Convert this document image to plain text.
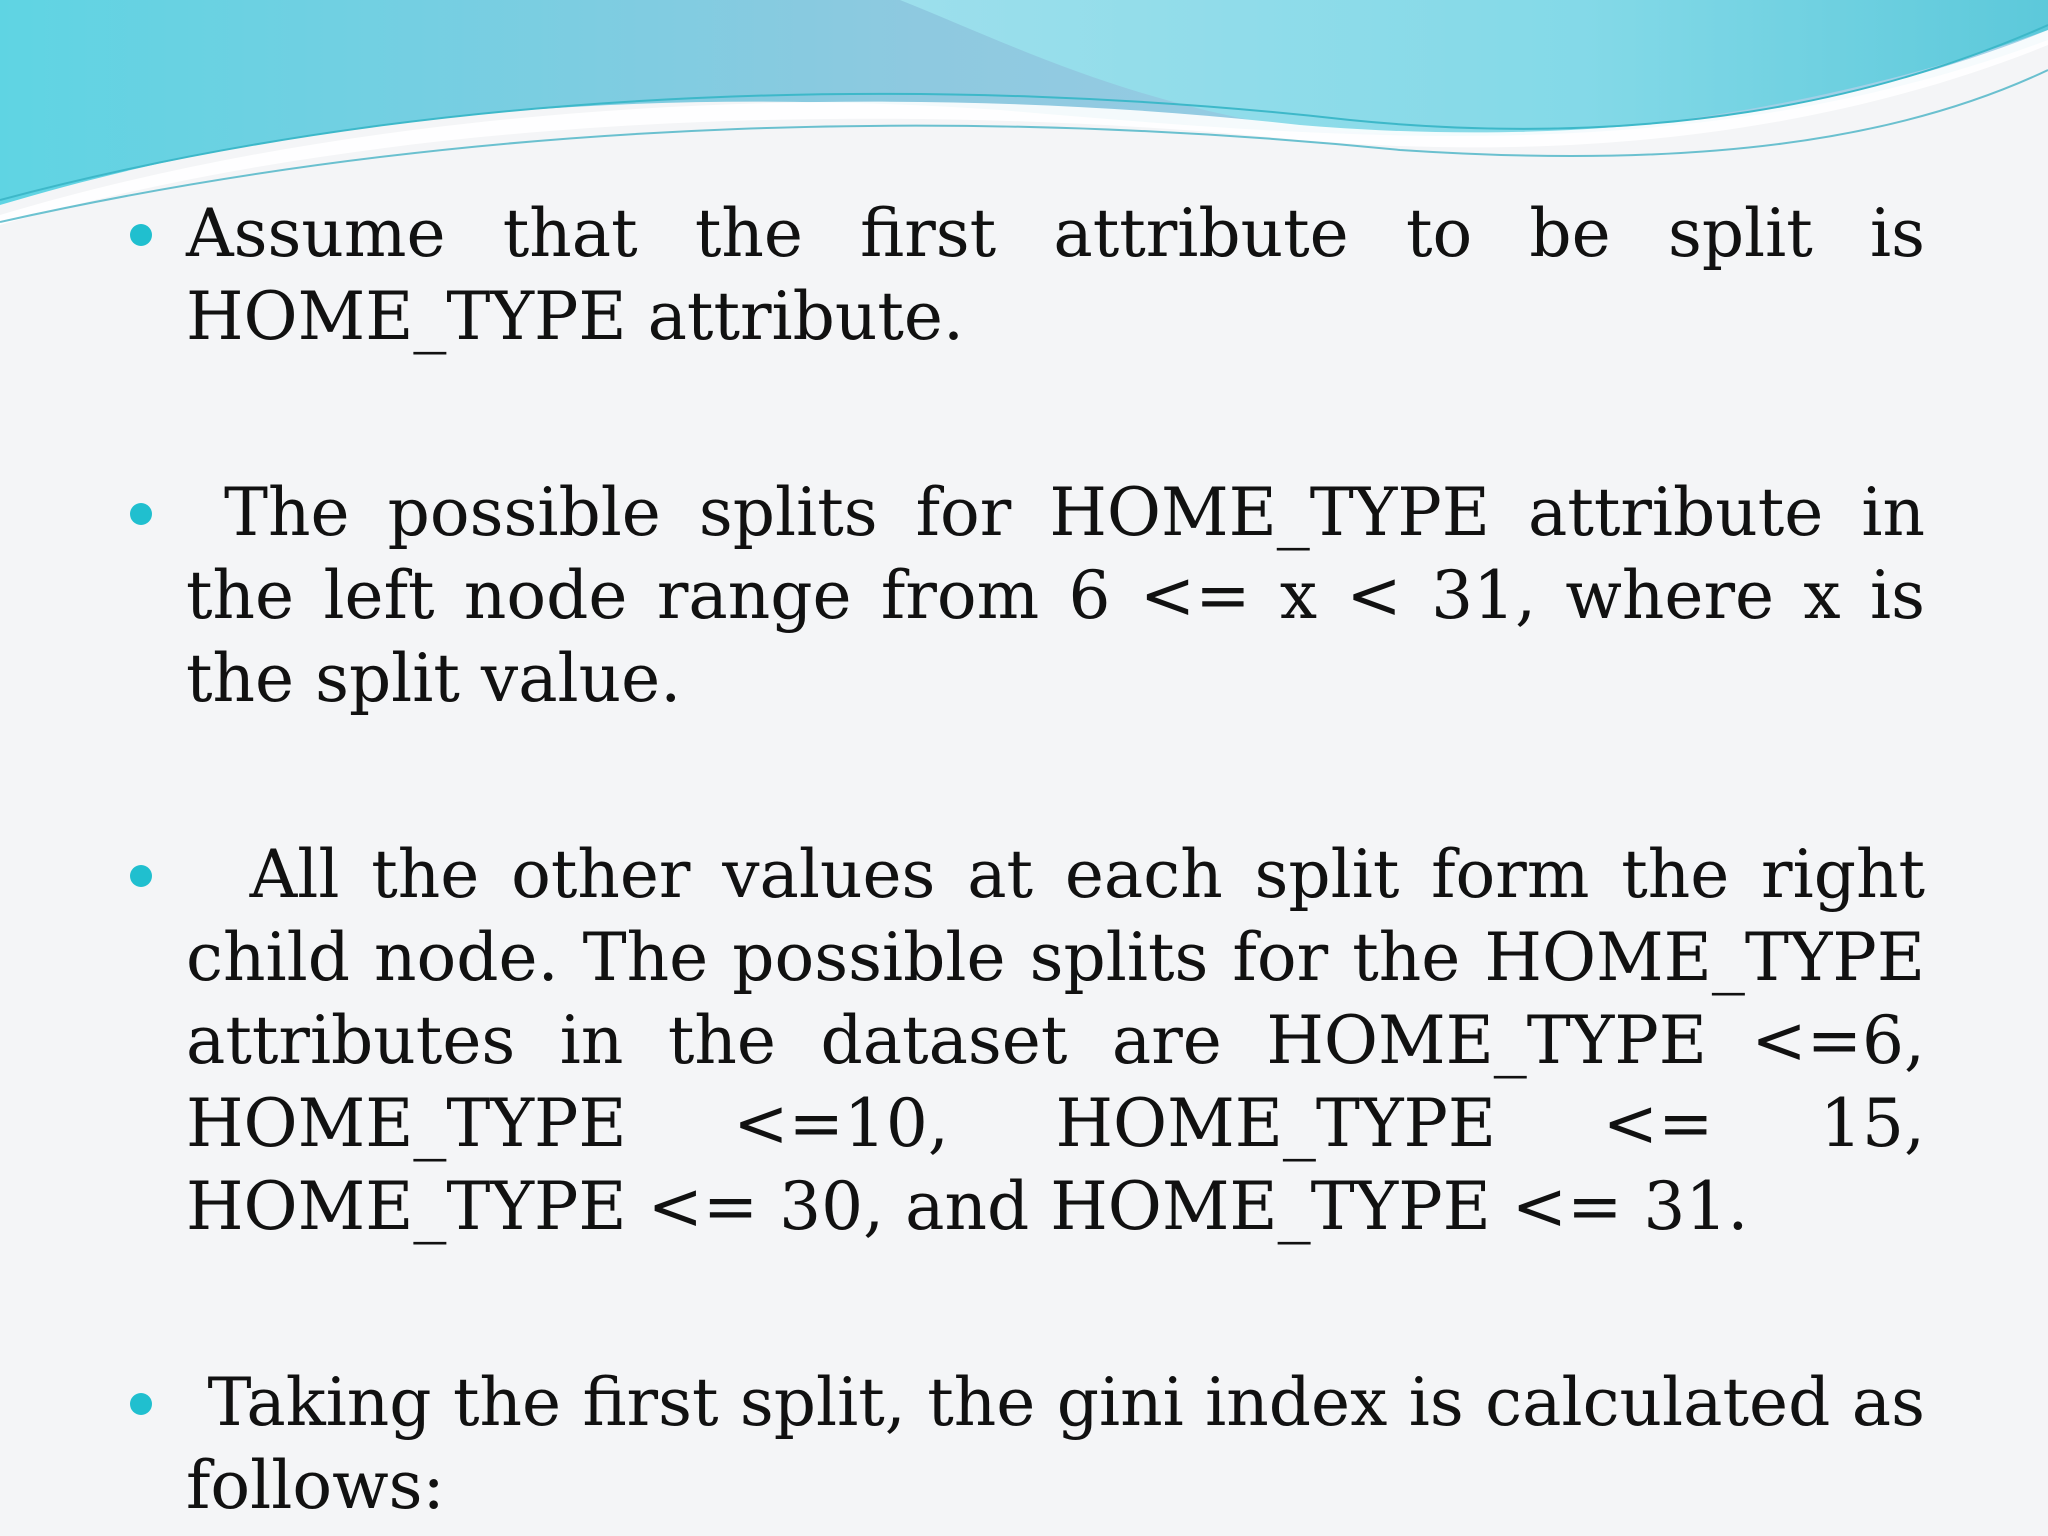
Assume that the first attribute to be split is HOME_TYPE attribute.
The possible splits for HOME_TYPE attribute in the left node range from 6 <= x < 31, where x is the split value.
All the other values at each split form the right child node. The possible splits for the HOME_TYPE attributes in the dataset are HOME_TYPE <=6, HOME_TYPE <=10, HOME_TYPE <= 15, HOME_TYPE <= 30, and HOME_TYPE <= 31.
Taking the first split, the gini index is calculated as follows:
